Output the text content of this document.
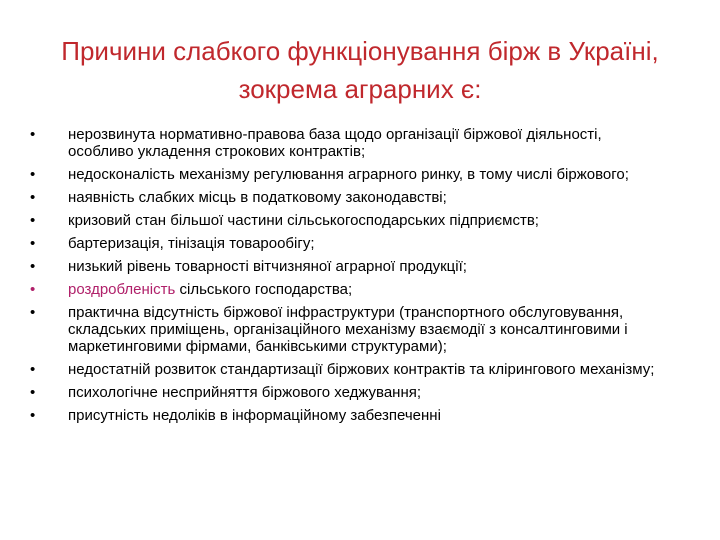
Причини слабкого функціонування бірж в Україні, зокрема аграрних є:
• нерозвинута нормативно-правова база щодо організації біржової діяльності, особливо укладення строкових контрактів;
• недосконалість механізму регулювання аграрного ринку, в тому числі біржового;
• наявність слабких місць в податковому законодавстві;
• кризовий стан більшої частини сільськогосподарських підприємств;
• бартеризація, тінізація товарообігу;
• низький рівень товарності вітчизняної аграрної продукції;
• роздробленість сільського господарства;
• практична відсутність біржової інфраструктури (транспортного обслуговування, складських приміщень, організаційного механізму взаємодії з консалтинговими і маркетинговими фірмами, банківськими структурами);
• недостатній розвиток стандартизації біржових контрактів та клірингового механізму;
• психологічне несприйняття біржового хеджування;
• присутність недоліків в інформаційному забезпеченні
